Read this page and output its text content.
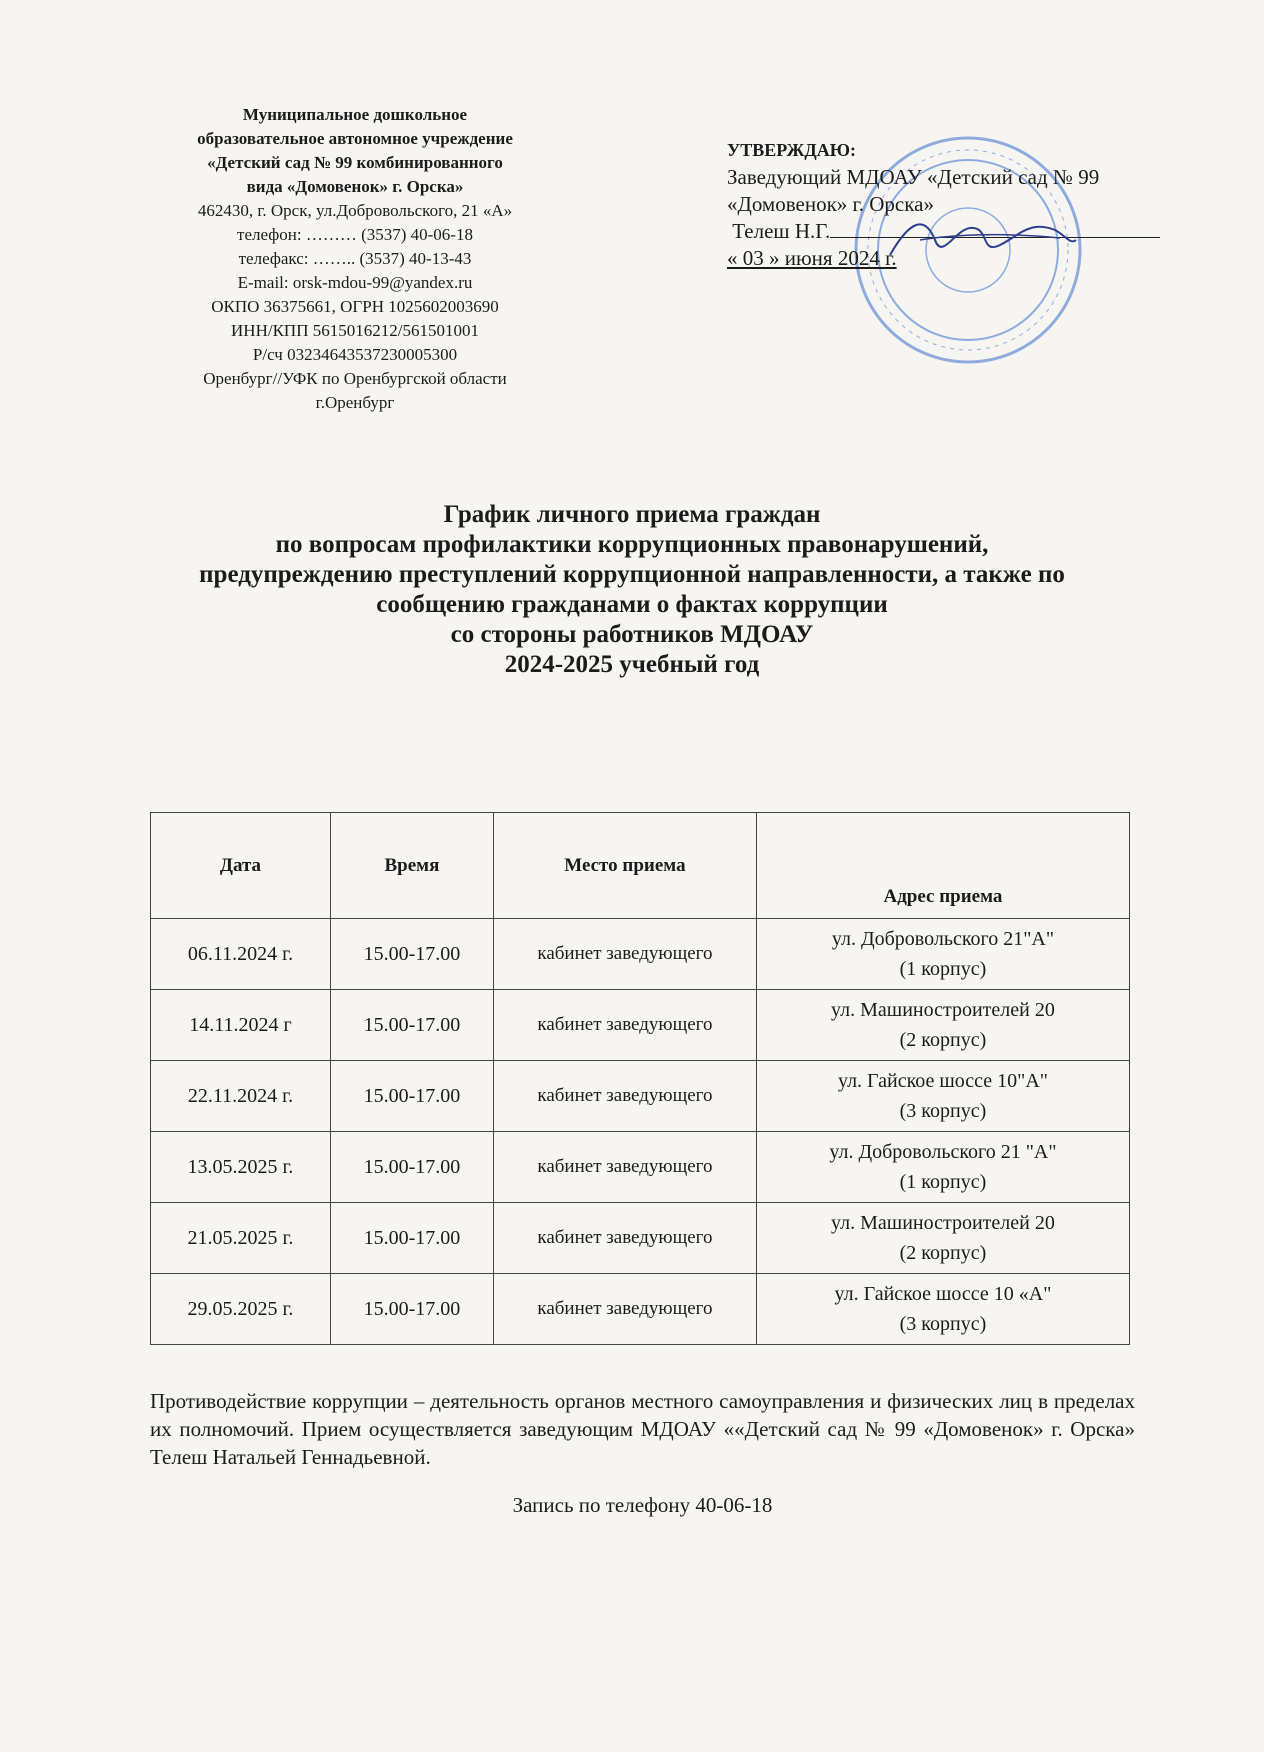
Муниципальное дошкольное
образовательное автономное учреждение
«Детский сад № 99 комбинированного
вида «Домовенок» г. Орска»
462430, г. Орск, ул.Добровольского, 21 «А»
телефон: ……… (3537) 40-06-18
телефакс: …….. (3537) 40-13-43
E-mail: orsk-mdou-99@yandex.ru
ОКПО 36375661, ОГРН 1025602003690
ИНН/КПП 5615016212/561501001
Р/сч 03234643537230005300
Оренбург//УФК по Оренбургской области
г.Оренбург
УТВЕРЖДАЮ:
Заведующий МДОАУ «Детский сад № 99
«Домовенок» г. Орска»
Телеш Н.Г.
« 03 » июня 2024 г.
График личного приема граждан
по вопросам профилактики коррупционных правонарушений,
предупреждению преступлений коррупционной направленности, а также по
сообщению гражданами о фактах коррупции
со стороны работников МДОАУ
2024-2025 учебный год
Дата	Время	Место приема	Адрес приема
06.11.2024 г.	15.00-17.00	кабинет заведующего	ул. Добровольского 21"А"
(1 корпус)

14.11.2024 г	15.00-17.00	кабинет заведующего	ул. Машиностроителей 20
(2 корпус)

22.11.2024 г.	15.00-17.00	кабинет заведующего	ул. Гайское шоссе 10"А"
(3 корпус)

13.05.2025 г.	15.00-17.00	кабинет заведующего	ул. Добровольского 21 "А"
(1 корпус)

21.05.2025 г.	15.00-17.00	кабинет заведующего	ул. Машиностроителей 20
(2 корпус)

29.05.2025 г.	15.00-17.00	кабинет заведующего	ул. Гайское шоссе 10 «А"
(3 корпус)
Противодействие коррупции – деятельность органов местного самоуправления и физических лиц в пределах их полномочий. Прием осуществляется заведующим МДОАУ ««Детский сад № 99 «Домовенок» г. Орска» Телеш Натальей Геннадьевной.
Запись по телефону 40-06-18
